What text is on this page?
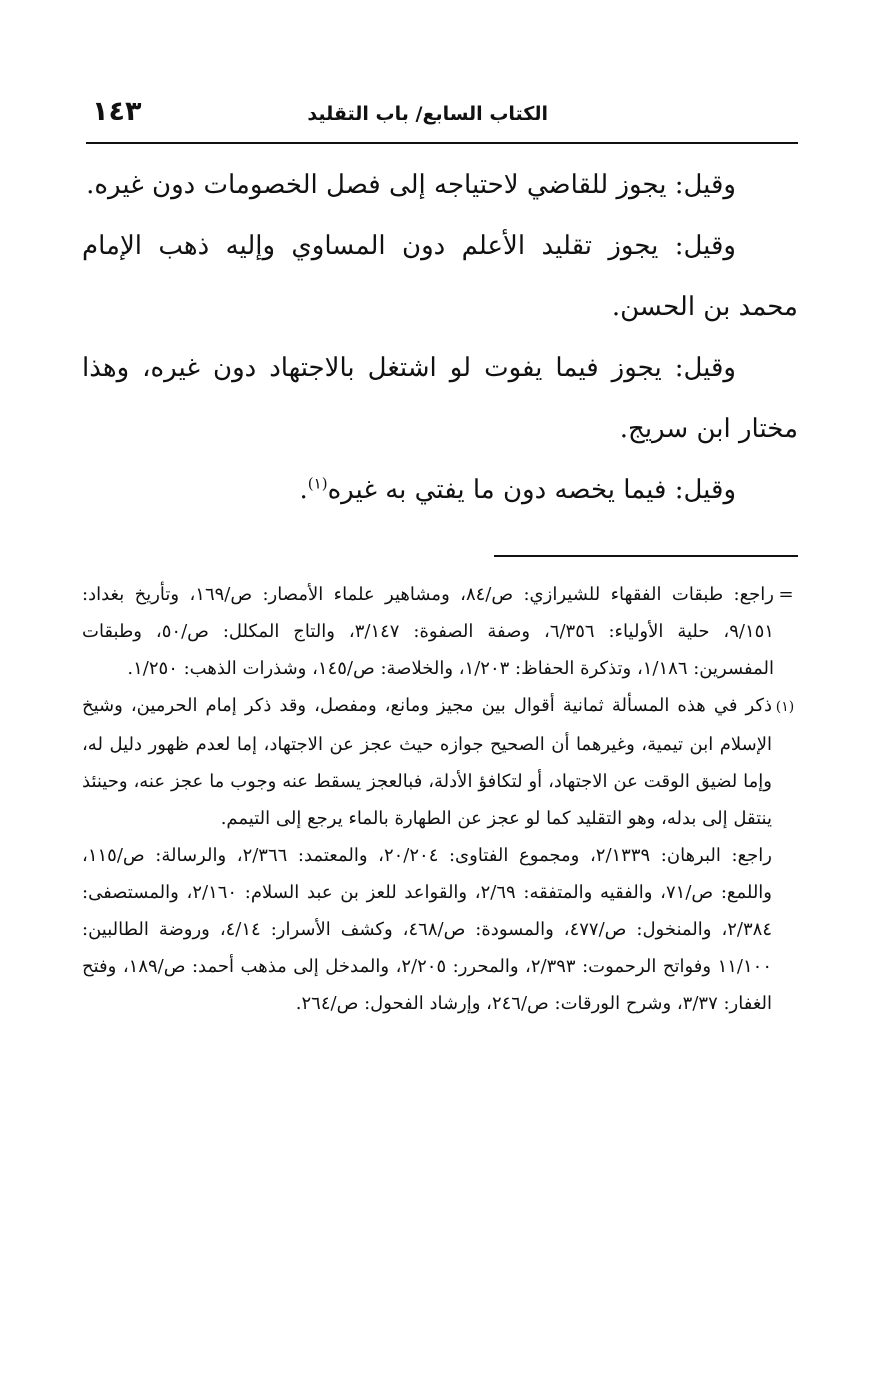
الكتاب السابع/ باب التقليد
١٤٣

وقيل: يجوز للقاضي لاحتياجه إلى فصل الخصومات دون غيره.

وقيل: يجوز تقليد الأعلم دون المساوي وإليه ذهب الإمام محمد بن الحسن.

وقيل: يجوز فيما يفوت لو اشتغل بالاجتهاد دون غيره، وهذا مختار ابن سريج.

وقيل: فيما يخصه دون ما يفتي به غيره$^{(١)}$.

=راجع: طبقات الفقهاء للشيرازي: ص/٨٤، ومشاهير علماء الأمصار: ص/١٦٩، وتأريخ بغداد: ٩/١٥١، حلية الأولياء: ٦/٣٥٦، وصفة الصفوة: ٣/١٤٧، والتاج المكلل: ص/٥٠، وطبقات المفسرين: ١/١٨٦، وتذكرة الحفاظ: ١/٢٠٣، والخلاصة: ص/١٤٥، وشذرات الذهب: ١/٢٥٠.

(١)ذكر في هذه المسألة ثمانية أقوال بين مجيز ومانع، ومفصل، وقد ذكر إمام الحرمين، وشيخ الإسلام ابن تيمية، وغيرهما أن الصحيح جوازه حيث عجز عن الاجتهاد، إما لعدم ظهور دليل له، وإما لضيق الوقت عن الاجتهاد، أو لتكافؤ الأدلة، فبالعجز يسقط عنه وجوب ما عجز عنه، وحينئذ ينتقل إلى بدله، وهو التقليد كما لو عجز عن الطهارة بالماء يرجع إلى التيمم.

راجع: البرهان: ٢/١٣٣٩، ومجموع الفتاوى: ٢٠/٢٠٤، والمعتمد: ٢/٣٦٦، والرسالة: ص/١١٥، واللمع: ص/٧١، والفقيه والمتفقه: ٢/٦٩، والقواعد للعز بن عبد السلام: ٢/١٦٠، والمستصفى: ٢/٣٨٤، والمنخول: ص/٤٧٧، والمسودة: ص/٤٦٨، وكشف الأسرار: ٤/١٤، وروضة الطالبين: ١١/١٠٠ وفواتح الرحموت: ٢/٣٩٣، والمحرر: ٢/٢٠٥، والمدخل إلى مذهب أحمد: ص/١٨٩، وفتح الغفار: ٣/٣٧، وشرح الورقات: ص/٢٤٦، وإرشاد الفحول: ص/٢٦٤.
